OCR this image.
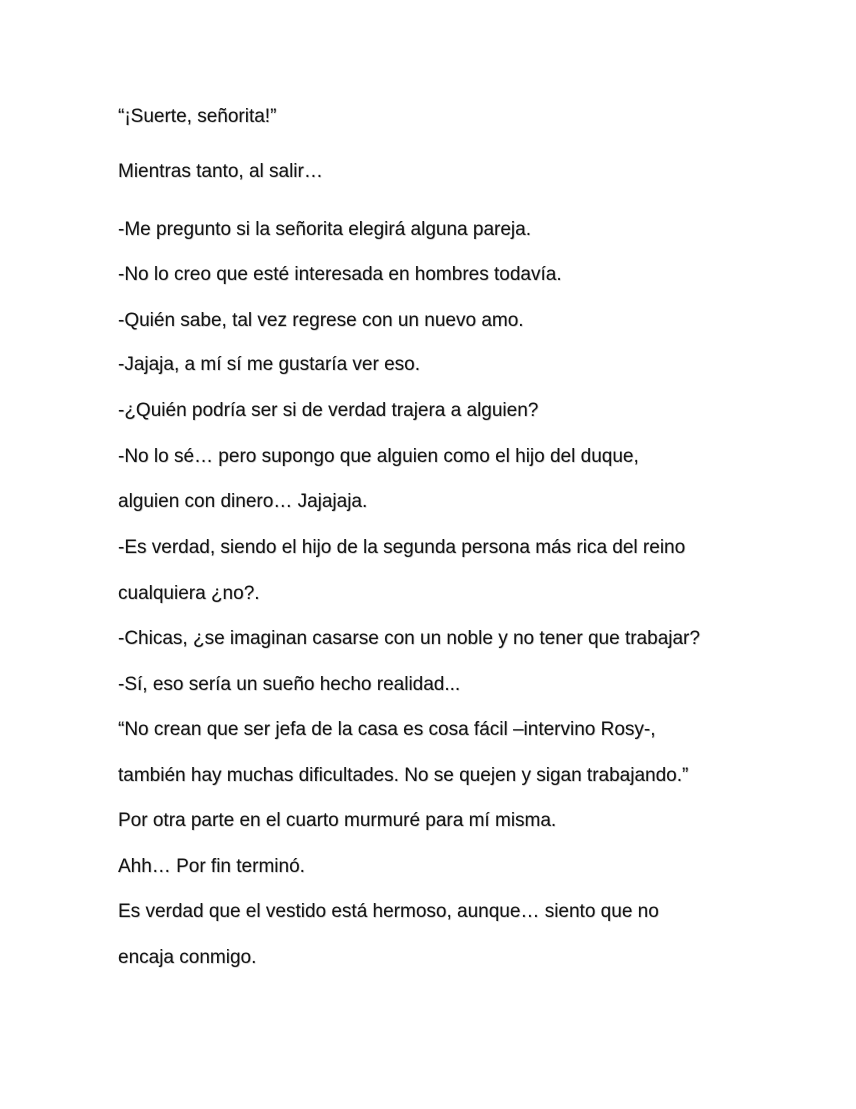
“¡Suerte, señorita!”
Mientras tanto, al salir…
-Me pregunto si la señorita elegirá alguna pareja.
-No lo creo que esté interesada en hombres todavía.
-Quién sabe, tal vez regrese con un nuevo amo.
-Jajaja, a mí sí me gustaría ver eso.
-¿Quién podría ser si de verdad trajera a alguien?
-No lo sé… pero supongo que alguien como el hijo del duque,
alguien con dinero… Jajajaja.
-Es verdad, siendo el hijo de la segunda persona más rica del reino
cualquiera ¿no?.
-Chicas, ¿se imaginan casarse con un noble y no tener que trabajar?
-Sí, eso sería un sueño hecho realidad...
“No crean que ser jefa de la casa es cosa fácil –intervino Rosy-,
también hay muchas dificultades. No se quejen y sigan trabajando.”
Por otra parte en el cuarto murmuré para mí misma.
Ahh… Por fin terminó.
Es verdad que el vestido está hermoso, aunque… siento que no
encaja conmigo.
